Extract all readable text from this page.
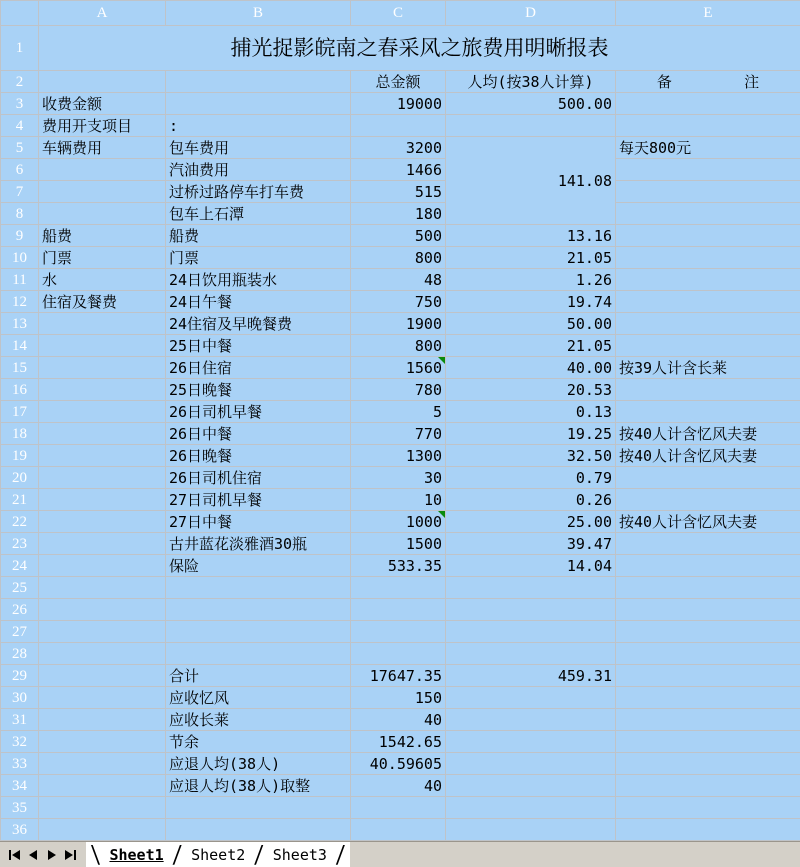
	A	B	C	D	E
1	捕光捉影皖南之春采风之旅费用明晰报表				
2			总金额	人均(按38人计算)	备        注
3	收费金额		19000	500.00	
4	费用开支项目	:			
5	车辆费用	包车费用	3200	141.08	每天800元
6		汽油费用	1466		
7		过桥过路停车打车费	515		
8		包车上石潭	180		
9	船费	船费	500	13.16	
10	门票	门票	800	21.05	
11	水	24日饮用瓶装水	48	1.26	
12	住宿及餐费	24日午餐	750	19.74	
13		24住宿及早晚餐费	1900	50.00	
14		25日中餐	800	21.05	
15		26日住宿	1560	40.00	按39人计含长莱
16		25日晚餐	780	20.53	
17		26日司机早餐	5	0.13	
18		26日中餐	770	19.25	按40人计含忆风夫妻
19		26日晚餐	1300	32.50	按40人计含忆风夫妻
20		26日司机住宿	30	0.79	
21		27日司机早餐	10	0.26	
22		27日中餐	1000	25.00	按40人计含忆风夫妻
23		古井蓝花淡雅酒30瓶	1500	39.47	
24		保险	533.35	14.04	
25					
26					
27					
28					
29		合计	17647.35	459.31	
30		应收忆风	150		
31		应收长莱	40		
32		节余	1542.65		
33		应退人均(38人)	40.59605		
34		应退人均(38人)取整	40		
35					
36					
\ Sheet1 / Sheet2 / Sheet3 /
